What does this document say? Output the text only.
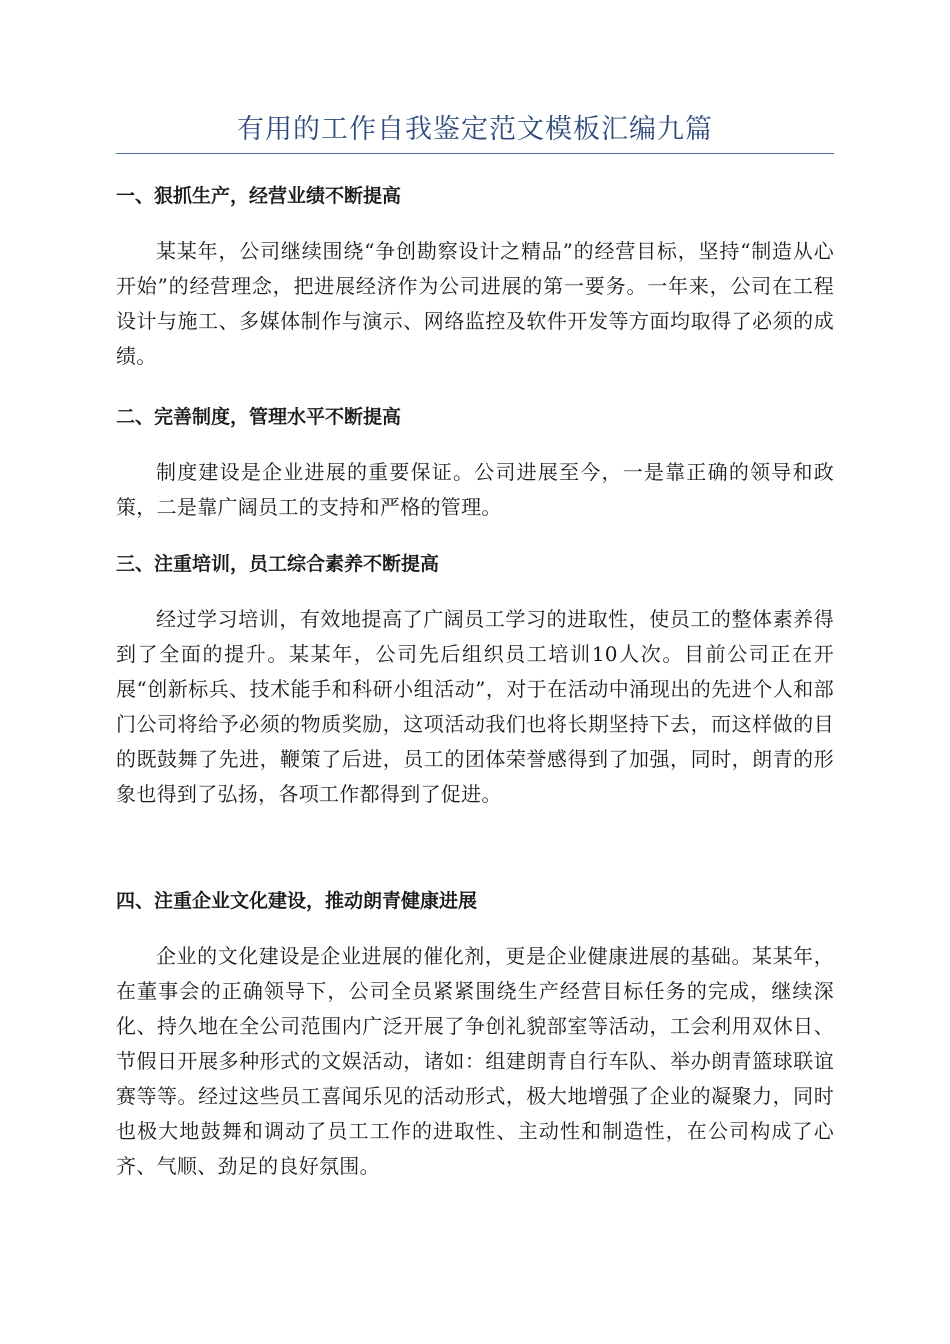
有用的工作自我鉴定范文模板汇编九篇

一、狠抓生产，经营业绩不断提高

某某年，公司继续围绕“争创勘察设计之精品”的经营目标，坚持“制造从心开始”的经营理念，把进展经济作为公司进展的第一要务。一年来，公司在工程设计与施工、多媒体制作与演示、网络监控及软件开发等方面均取得了必须的成绩。

二、完善制度，管理水平不断提高

制度建设是企业进展的重要保证。公司进展至今，一是靠正确的领导和政策，二是靠广阔员工的支持和严格的管理。

三、注重培训，员工综合素养不断提高

经过学习培训，有效地提高了广阔员工学习的进取性，使员工的整体素养得到了全面的提升。某某年，公司先后组织员工培训10人次。目前公司正在开展“创新标兵、技术能手和科研小组活动”，对于在活动中涌现出的先进个人和部门公司将给予必须的物质奖励，这项活动我们也将长期坚持下去，而这样做的目的既鼓舞了先进，鞭策了后进，员工的团体荣誉感得到了加强，同时，朗青的形象也得到了弘扬，各项工作都得到了促进。

四、注重企业文化建设，推动朗青健康进展

企业的文化建设是企业进展的催化剂，更是企业健康进展的基础。某某年，在董事会的正确领导下，公司全员紧紧围绕生产经营目标任务的完成，继续深化、持久地在全公司范围内广泛开展了争创礼貌部室等活动，工会利用双休日、节假日开展多种形式的文娱活动，诸如：组建朗青自行车队、举办朗青篮球联谊赛等等。经过这些员工喜闻乐见的活动形式，极大地增强了企业的凝聚力，同时也极大地鼓舞和调动了员工工作的进取性、主动性和制造性，在公司构成了心齐、气顺、劲足的良好氛围。
